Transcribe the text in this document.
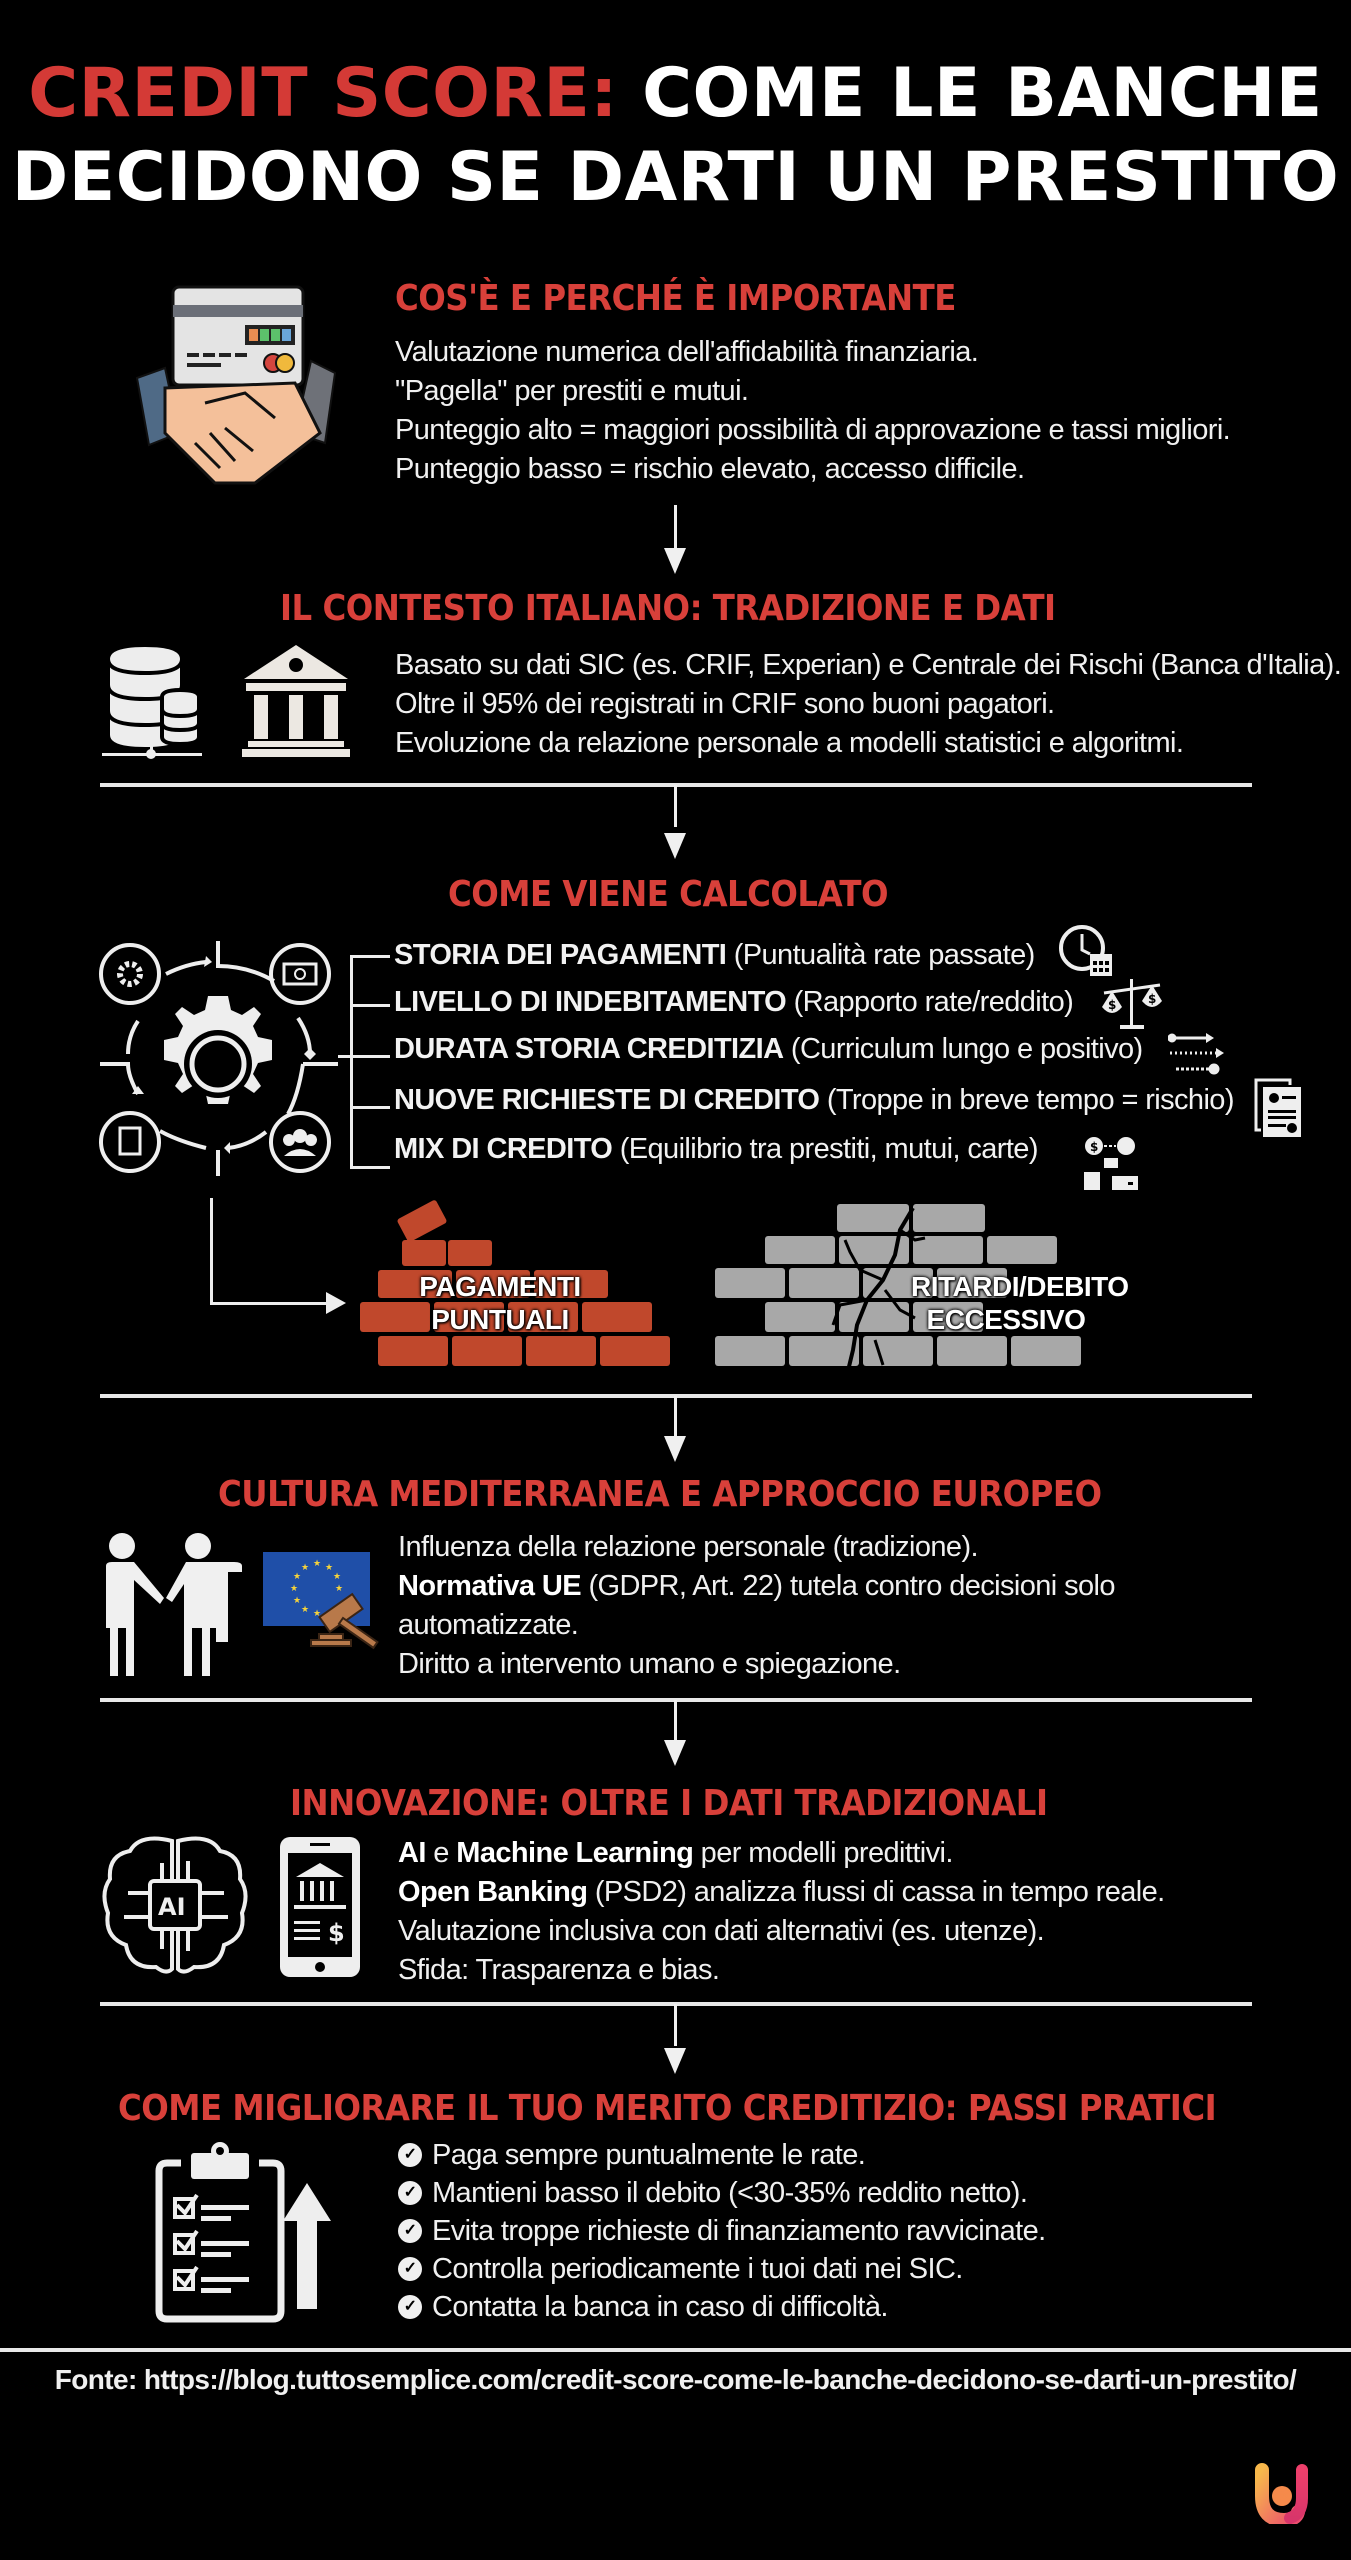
CREDIT SCORE: COME LE BANCHE
DECIDONO SE DARTI UN PRESTITO
COS'È E PERCHÉ È IMPORTANTE
Valutazione numerica dell'affidabilità finanziaria.
"Pagella" per prestiti e mutui.
Punteggio alto = maggiori possibilità di approvazione e tassi migliori.
Punteggio basso = rischio elevato, accesso difficile.
IL CONTESTO ITALIANO: TRADIZIONE E DATI
Basato su dati SIC (es. CRIF, Experian) e Centrale dei Rischi (Banca d'Italia).
Oltre il 95% dei registrati in CRIF sono buoni pagatori.
Evoluzione da relazione personale a modelli statistici e algoritmi.
COME VIENE CALCOLATO
STORIA DEI PAGAMENTI (Puntualità rate passate)
LIVELLO DI INDEBITAMENTO (Rapporto rate/reddito)
DURATA STORIA CREDITIZIA (Curriculum lungo e positivo)
NUOVE RICHIESTE DI CREDITO (Troppe in breve tempo = rischio)
MIX DI CREDITO (Equilibrio tra prestiti, mutui, carte)
$	$
$
PAGAMENTI
PUNTUALI
RITARDI/DEBITO
ECCESSIVO
CULTURA MEDITERRANEA E APPROCCIO EUROPEO
★ ★
★
★
★
★
★
★
★ ★
Influenza della relazione personale (tradizione).
Normativa UE (GDPR, Art. 22) tutela contro decisioni solo
automatizzate.
Diritto a intervento umano e spiegazione.
INNOVAZIONE: OLTRE I DATI TRADIZIONALI
AI
$
AI e Machine Learning per modelli predittivi.
Open Banking (PSD2) analizza flussi di cassa in tempo reale.
Valutazione inclusiva con dati alternativi (es. utenze).
Sfida: Trasparenza e bias.
COME MIGLIORARE IL TUO MERITO CREDITIZIO: PASSI PRATICI
✓ Paga sempre puntualmente le rate.
✓ Mantieni basso il debito (<30-35% reddito netto).
✓ Evita troppe richieste di finanziamento ravvicinate.
✓ Controlla periodicamente i tuoi dati nei SIC.
✓ Contatta la banca in caso di difficoltà.
Fonte: https://blog.tuttosemplice.com/credit-score-come-le-banche-decidono-se-darti-un-prestito/
